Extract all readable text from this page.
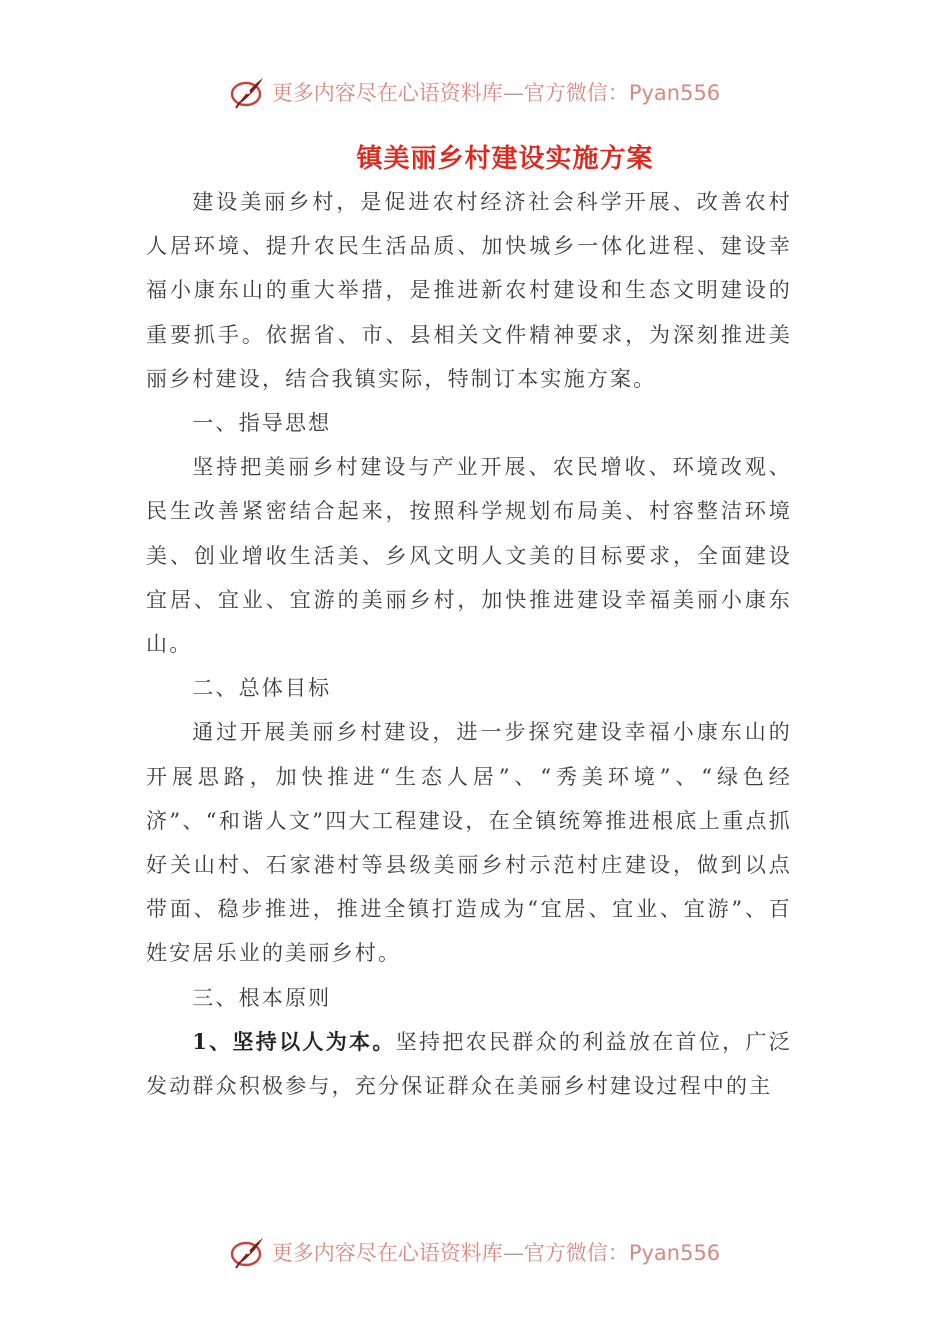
更多内容尽在心语资料库—官方微信：Pyan556
镇美丽乡村建设实施方案

建设美丽乡村，是促进农村经济社会科学开展、改善农村人居环境、提升农民生活品质、加快城乡一体化进程、建设幸福小康东山的重大举措，是推进新农村建设和生态文明建设的重要抓手。依据省、市、县相关文件精神要求，为深刻推进美丽乡村建设，结合我镇实际，特制订本实施方案。

一、指导思想

坚持把美丽乡村建设与产业开展、农民增收、环境改观、民生改善紧密结合起来，按照科学规划布局美、村容整洁环境美、创业增收生活美、乡风文明人文美的目标要求，全面建设宜居、宜业、宜游的美丽乡村，加快推进建设幸福美丽小康东山。

二、总体目标

通过开展美丽乡村建设，进一步探究建设幸福小康东山的开展思路，加快推进“生态人居”、“秀美环境”、“绿色经济”、“和谐人文”四大工程建设，在全镇统筹推进根底上重点抓好关山村、石家港村等县级美丽乡村示范村庄建设，做到以点带面、稳步推进，推进全镇打造成为“宜居、宜业、宜游”、百姓安居乐业的美丽乡村。

三、根本原则

1、坚持以人为本。坚持把农民群众的利益放在首位，广泛发动群众积极参与，充分保证群众在美丽乡村建设过程中的主

更多内容尽在心语资料库—官方微信：Pyan556
